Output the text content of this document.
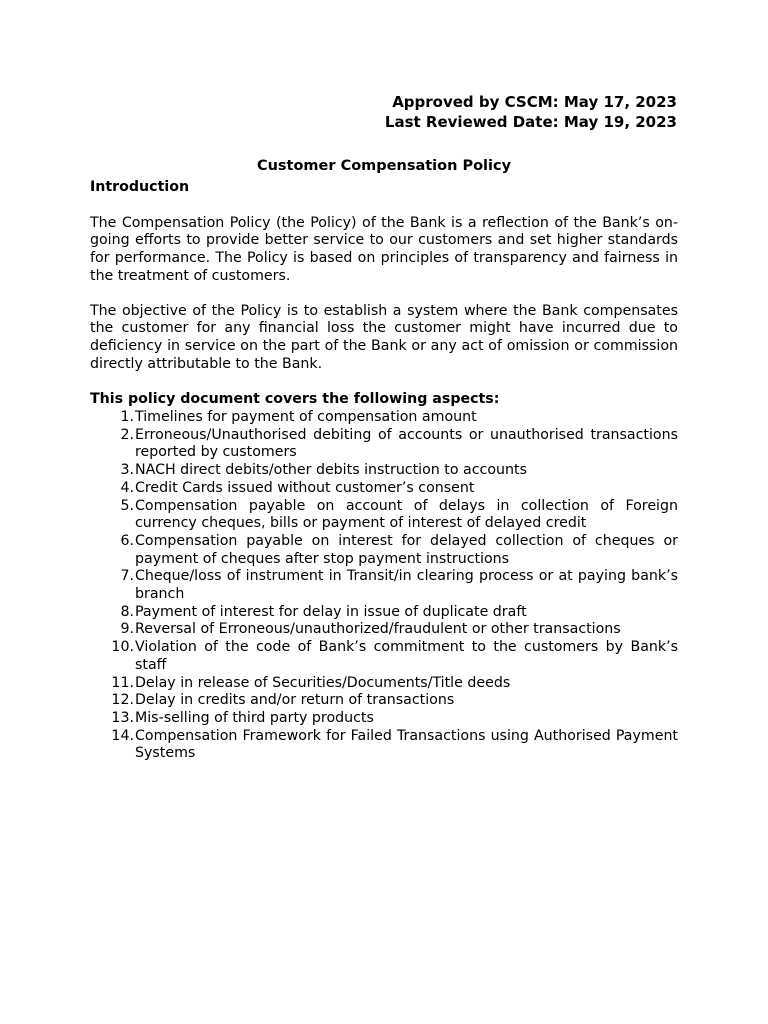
Approved by CSCM: May 17, 2023
Last Reviewed Date: May 19, 2023
Customer Compensation Policy
Introduction

The Compensation Policy (the Policy) of the Bank is a reflection of the Bank’s on-going efforts to provide better service to our customers and set higher standards for performance. The Policy is based on principles of transparency and fairness in the treatment of customers.

The objective of the Policy is to establish a system where the Bank compensates the customer for any financial loss the customer might have incurred due to deficiency in service on the part of the Bank or any act of omission or commission directly attributable to the Bank.

This policy document covers the following aspects:
1. Timelines for payment of compensation amount
2. Erroneous/Unauthorised debiting of accounts or unauthorised transactions reported by customers
3. NACH direct debits/other debits instruction to accounts
4. Credit Cards issued without customer’s consent
5. Compensation payable on account of delays in collection of Foreign currency cheques, bills or payment of interest of delayed credit
6. Compensation payable on interest for delayed collection of cheques or payment of cheques after stop payment instructions
7. Cheque/loss of instrument in Transit/in clearing process or at paying bank’s branch
8. Payment of interest for delay in issue of duplicate draft
9. Reversal of Erroneous/unauthorized/fraudulent or other transactions
10. Violation of the code of Bank’s commitment to the customers by Bank’s staff
11. Delay in release of Securities/Documents/Title deeds
12. Delay in credits and/or return of transactions
13. Mis-selling of third party products
14. Compensation Framework for Failed Transactions using Authorised Payment Systems
